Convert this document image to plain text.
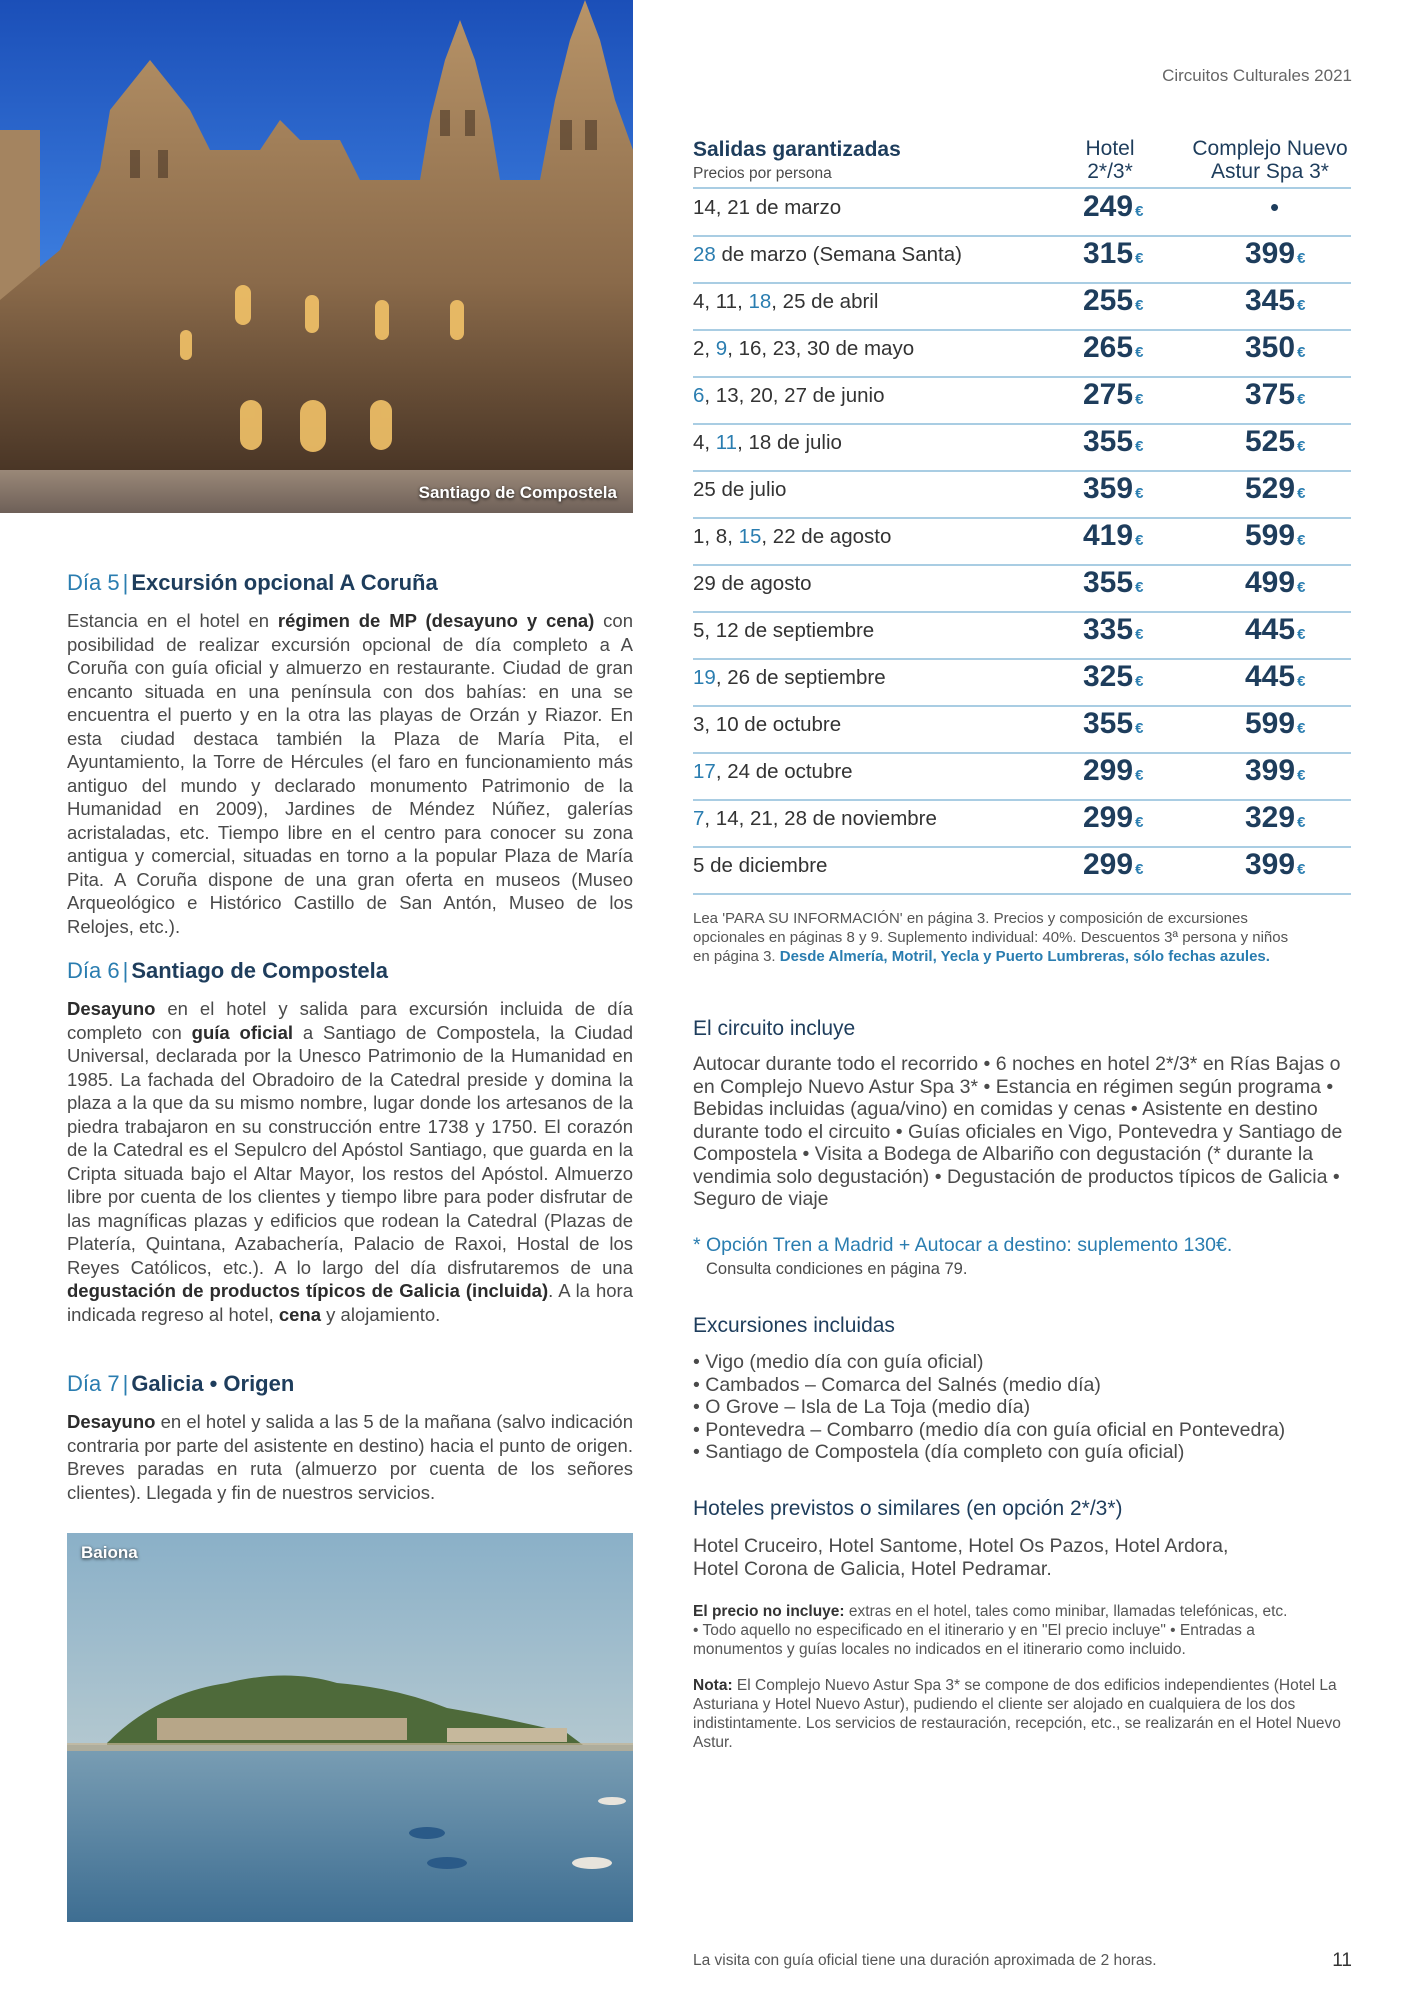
Circuitos Culturales 2021
Santiago de Compostela
Día 5 | Excursión opcional A Coruña
Estancia en el hotel en régimen de MP (desayuno y cena) con posibilidad de realizar excursión opcional de día completo a A Coruña con guía oficial y almuerzo en restaurante. Ciudad de gran encanto situada en una península con dos bahías: en una se encuentra el puerto y en la otra las playas de Orzán y Riazor. En esta ciudad destaca también la Plaza de María Pita, el Ayuntamiento, la Torre de Hércules (el faro en funcionamiento más antiguo del mundo y declarado monumento Patrimonio de la Humanidad en 2009), Jardines de Méndez Núñez, galerías acristaladas, etc. Tiempo libre en el centro para conocer su zona antigua y comercial, situadas en torno a la popular Plaza de María Pita. A Coruña dispone de una gran oferta en museos (Museo Arqueológico e Histórico Castillo de San Antón, Museo de los Relojes, etc.).
Día 6 | Santiago de Compostela
Desayuno en el hotel y salida para excursión incluida de día completo con guía oficial a Santiago de Compostela, la Ciudad Universal, declarada por la Unesco Patrimonio de la Humanidad en 1985. La fachada del Obradoiro de la Catedral preside y domina la plaza a la que da su mismo nombre, lugar donde los artesanos de la piedra trabajaron en su construcción entre 1738 y 1750. El corazón de la Catedral es el Sepulcro del Apóstol Santiago, que guarda en la Cripta situada bajo el Altar Mayor, los restos del Apóstol. Almuerzo libre por cuenta de los clientes y tiempo libre para poder disfrutar de las magníficas plazas y edificios que rodean la Catedral (Plazas de Platería, Quintana, Azabachería, Palacio de Raxoi, Hostal de los Reyes Católicos, etc.). A lo largo del día disfrutaremos de una degustación de productos típicos de Galicia (incluida). A la hora indicada regreso al hotel, cena y alojamiento.
Día 7 | Galicia • Origen
Desayuno en el hotel y salida a las 5 de la mañana (salvo indicación contraria por parte del asistente en destino) hacia el punto de origen. Breves paradas en ruta (almuerzo por cuenta de los señores clientes). Llegada y fin de nuestros servicios.
Baiona
Salidas garantizadas
Precios por persona
Hotel
2*/3*
Complejo Nuevo
Astur Spa 3*
14, 21 de marzo	249 €	•
28 de marzo (Semana Santa)	315 €	399 €
4, 11, 18, 25 de abril	255 €	345 €
2, 9, 16, 23, 30 de mayo	265 €	350 €
6, 13, 20, 27 de junio	275 €	375 €
4, 11, 18 de julio	355 €	525 €
25 de julio	359 €	529 €
1, 8, 15, 22 de agosto	419 €	599 €
29 de agosto	355 €	499 €
5, 12 de septiembre	335 €	445 €
19, 26 de septiembre	325 €	445 €
3, 10 de octubre	355 €	599 €
17, 24 de octubre	299 €	399 €
7, 14, 21, 28 de noviembre	299 €	329 €
5 de diciembre	299 €	399 €
Lea 'PARA SU INFORMACIÓN' en página 3. Precios y composición de excursiones opcionales en páginas 8 y 9. Suplemento individual: 40%. Descuentos 3ª persona y niños en página 3. Desde Almería, Motril, Yecla y Puerto Lumbreras, sólo fechas azules.
El circuito incluye
Autocar durante todo el recorrido • 6 noches en hotel 2*/3* en Rías Bajas o en Complejo Nuevo Astur Spa 3* • Estancia en régimen según programa • Bebidas incluidas (agua/vino) en comidas y cenas • Asistente en destino durante todo el circuito • Guías oficiales en Vigo, Pontevedra y Santiago de Compostela • Visita a Bodega de Albariño con degustación (* durante la vendimia solo degustación) • Degustación de productos típicos de Galicia • Seguro de viaje
* Opción Tren a Madrid + Autocar a destino: suplemento 130€.
Consulta condiciones en página 79.
Excursiones incluidas
• Vigo (medio día con guía oficial)
• Cambados – Comarca del Salnés (medio día)
• O Grove – Isla de La Toja (medio día)
• Pontevedra – Combarro (medio día con guía oficial en Pontevedra)
• Santiago de Compostela (día completo con guía oficial)
Hoteles previstos o similares (en opción 2*/3*)
Hotel Cruceiro, Hotel Santome, Hotel Os Pazos, Hotel Ardora, Hotel Corona de Galicia, Hotel Pedramar.
El precio no incluye: extras en el hotel, tales como minibar, llamadas telefónicas, etc. • Todo aquello no especificado en el itinerario y en "El precio incluye" • Entradas a monumentos y guías locales no indicados en el itinerario como incluido.
Nota: El Complejo Nuevo Astur Spa 3* se compone de dos edificios independientes (Hotel La Asturiana y Hotel Nuevo Astur), pudiendo el cliente ser alojado en cualquiera de los dos indistintamente. Los servicios de restauración, recepción, etc., se realizarán en el Hotel Nuevo Astur.
La visita con guía oficial tiene una duración aproximada de 2 horas.	11
